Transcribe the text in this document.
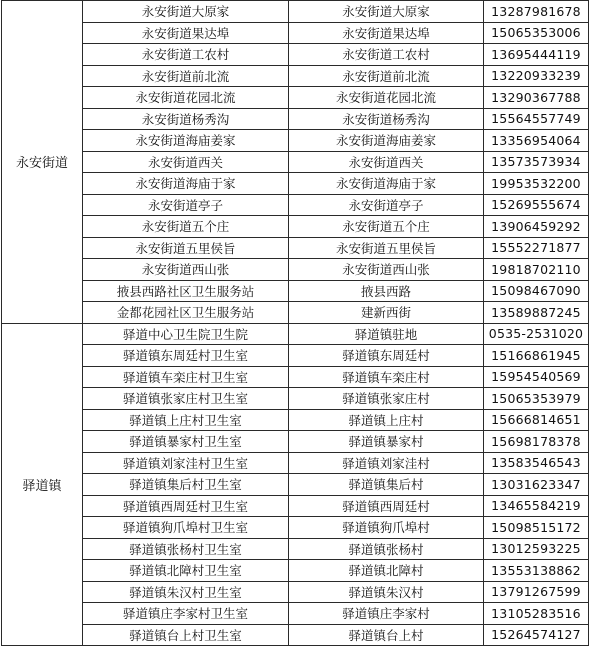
永安街道	永安街道大原家	永安街道大原家	13287981678
	永安街道果达埠	永安街道果达埠	15065353006
	永安街道工农村	永安街道工农村	13695444119
	永安街道前北流	永安街道前北流	13220933239
	永安街道花园北流	永安街道花园北流	13290367788
	永安街道杨秀沟	永安街道杨秀沟	15564557749
	永安街道海庙姜家	永安街道海庙姜家	13356954064
	永安街道西关	永安街道西关	13573573934
	永安街道海庙于家	永安街道海庙于家	19953532200
	永安街道亭子	永安街道亭子	15269555674
	永安街道五个庄	永安街道五个庄	13906459292
	永安街道五里侯旨	永安街道五里侯旨	15552271877
	永安街道西山张	永安街道西山张	19818702110
	掖县西路社区卫生服务站	掖县西路	15098467090
	金都花园社区卫生服务站	建新西街	13589887245
驿道镇	驿道中心卫生院卫生院	驿道镇驻地	0535-2531020
	驿道镇东周廷村卫生室	驿道镇东周廷村	15166861945
	驿道镇车栾庄村卫生室	驿道镇车栾庄村	15954540569
	驿道镇张家庄村卫生室	驿道镇张家庄村	15065353979
	驿道镇上庄村卫生室	驿道镇上庄村	15666814651
	驿道镇暴家村卫生室	驿道镇暴家村	15698178378
	驿道镇刘家洼村卫生室	驿道镇刘家洼村	13583546543
	驿道镇集后村卫生室	驿道镇集后村	13031623347
	驿道镇西周廷村卫生室	驿道镇西周廷村	13465584219
	驿道镇狗爪埠村卫生室	驿道镇狗爪埠村	15098515172
	驿道镇张杨村卫生室	驿道镇张杨村	13012593225
	驿道镇北障村卫生室	驿道镇北障村	13553138862
	驿道镇朱汉村卫生室	驿道镇朱汉村	13791267599
	驿道镇庄李家村卫生室	驿道镇庄李家村	13105283516
	驿道镇台上村卫生室	驿道镇台上村	15264574127
